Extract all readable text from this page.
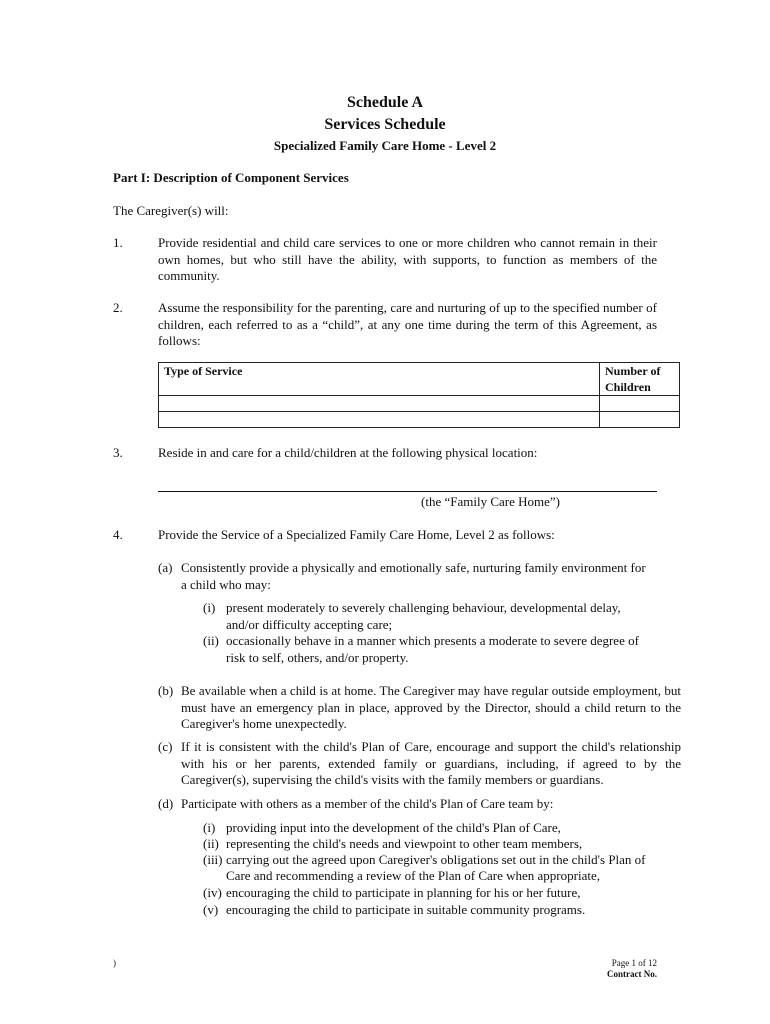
Schedule A
Services Schedule
Specialized Family Care Home - Level 2
Part I: Description of Component Services
The Caregiver(s) will:
1.	Provide residential and child care services to one or more children who cannot remain in their own homes, but who still have the ability, with supports, to function as members of the community.
2.	Assume the responsibility for the parenting, care and nurturing of up to the specified number of children, each referred to as a “child”, at any one time during the term of this Agreement, as follows:
Type of Service	Number of
Children

3.	Reside in and care for a child/children at the following physical location:
(the “Family Care Home”)
4.	Provide the Service of a Specialized Family Care Home, Level 2 as follows:
(a) Consistently provide a physically and emotionally safe, nurturing family environment for
a child who may:
(i) present moderately to severely challenging behaviour, developmental delay,
and/or difficulty accepting care;
(ii) occasionally behave in a manner which presents a moderate to severe degree of
risk to self, others, and/or property.
(b) Be available when a child is at home. The Caregiver may have regular outside employment, but must have an emergency plan in place, approved by the Director, should a child return to the Caregiver's home unexpectedly.
(c) If it is consistent with the child's Plan of Care, encourage and support the child's relationship with his or her parents, extended family or guardians, including, if agreed to by the Caregiver(s), supervising the child's visits with the family members or guardians.
(d) Participate with others as a member of the child's Plan of Care team by:
(i) providing input into the development of the child's Plan of Care,
(ii) representing the child's needs and viewpoint to other team members,
(iii) carrying out the agreed upon Caregiver's obligations set out in the child's Plan of
Care and recommending a review of the Plan of Care when appropriate,
(iv) encouraging the child to participate in planning for his or her future,
(v) encouraging the child to participate in suitable community programs.
)	Page 1 of 12
Contract No.
